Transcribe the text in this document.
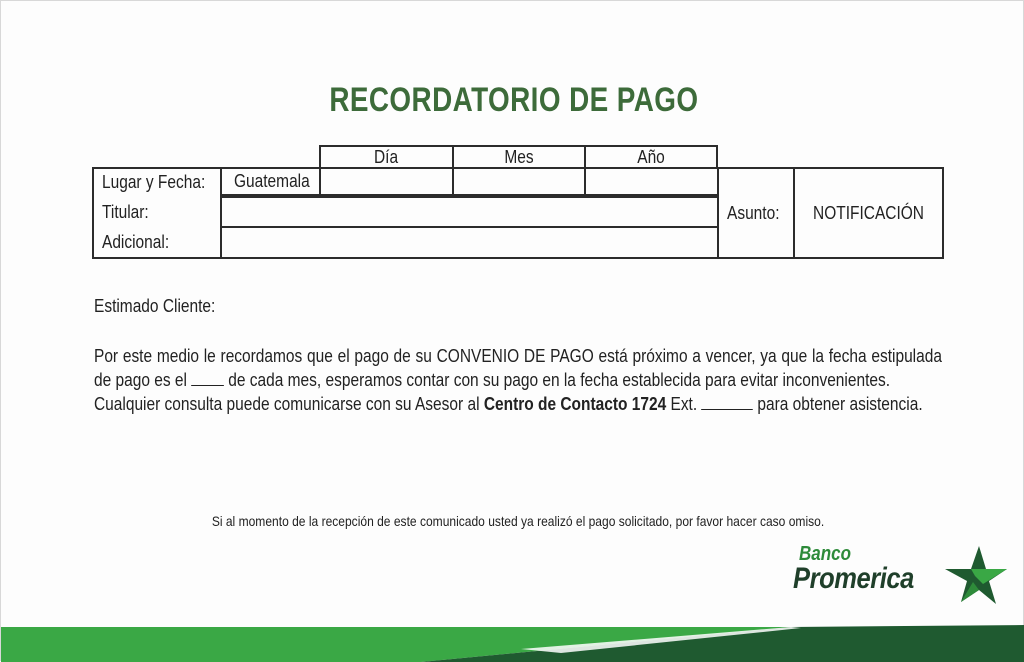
RECORDATORIO DE PAGO
Día	Mes	Año
Lugar y Fecha: Guatemala
Titular:
Adicional:
Asunto: NOTIFICACIÓN
Estimado Cliente:

Por este medio le recordamos que el pago de su CONVENIO DE PAGO está próximo a vencer, ya que la fecha estipulada de pago es el de cada mes, esperamos contar con su pago en la fecha establecida para evitar inconvenientes.

Cualquier consulta puede comunicarse con su Asesor al Centro de Contacto 1724 Ext.	para obtener asistencia.

Si al momento de la recepción de este comunicado usted ya realizó el pago solicitado, por favor hacer caso omiso.
Banco
Promerica
